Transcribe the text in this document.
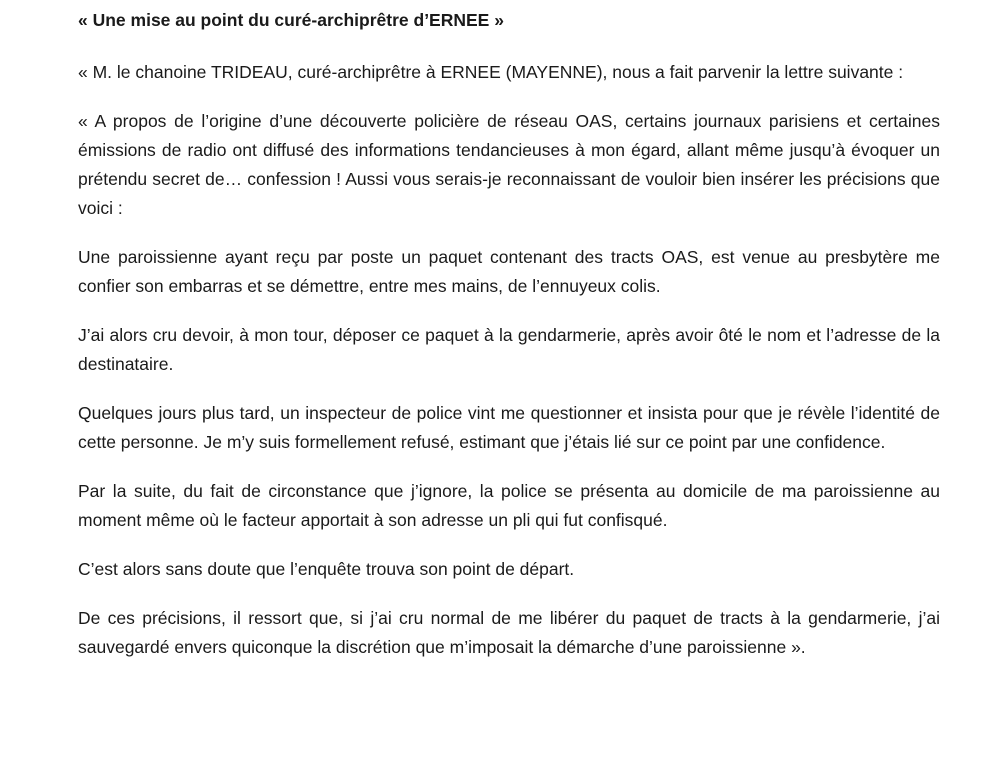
« Une mise au point du curé-archiprêtre d’ERNEE »

« M. le chanoine TRIDEAU, curé-archiprêtre à ERNEE (MAYENNE), nous a fait parvenir la lettre suivante :

« A propos de l’origine d’une découverte policière de réseau OAS, certains journaux parisiens et certaines émissions de radio ont diffusé des informations tendancieuses à mon égard, allant même jusqu’à évoquer un prétendu secret de… confession ! Aussi vous serais-je reconnaissant de vouloir bien insérer les précisions que voici :

Une paroissienne ayant reçu par poste un paquet contenant des tracts OAS, est venue au presbytère me confier son embarras et se démettre, entre mes mains, de l’ennuyeux colis.

J’ai alors cru devoir, à mon tour, déposer ce paquet à la gendarmerie, après avoir ôté le nom et l’adresse de la destinataire.

Quelques jours plus tard, un inspecteur de police vint me questionner et insista pour que je révèle l’identité de cette personne. Je m’y suis formellement refusé, estimant que j’étais lié sur ce point par une confidence.

Par la suite, du fait de circonstance que j’ignore, la police se présenta au domicile de ma paroissienne au moment même où le facteur apportait à son adresse un pli qui fut confisqué.

C’est alors sans doute que l’enquête trouva son point de départ.

De ces précisions, il ressort que, si j’ai cru normal de me libérer du paquet de tracts à la gendarmerie, j’ai sauvegardé envers quiconque la discrétion que m’imposait la démarche d’une paroissienne ».
